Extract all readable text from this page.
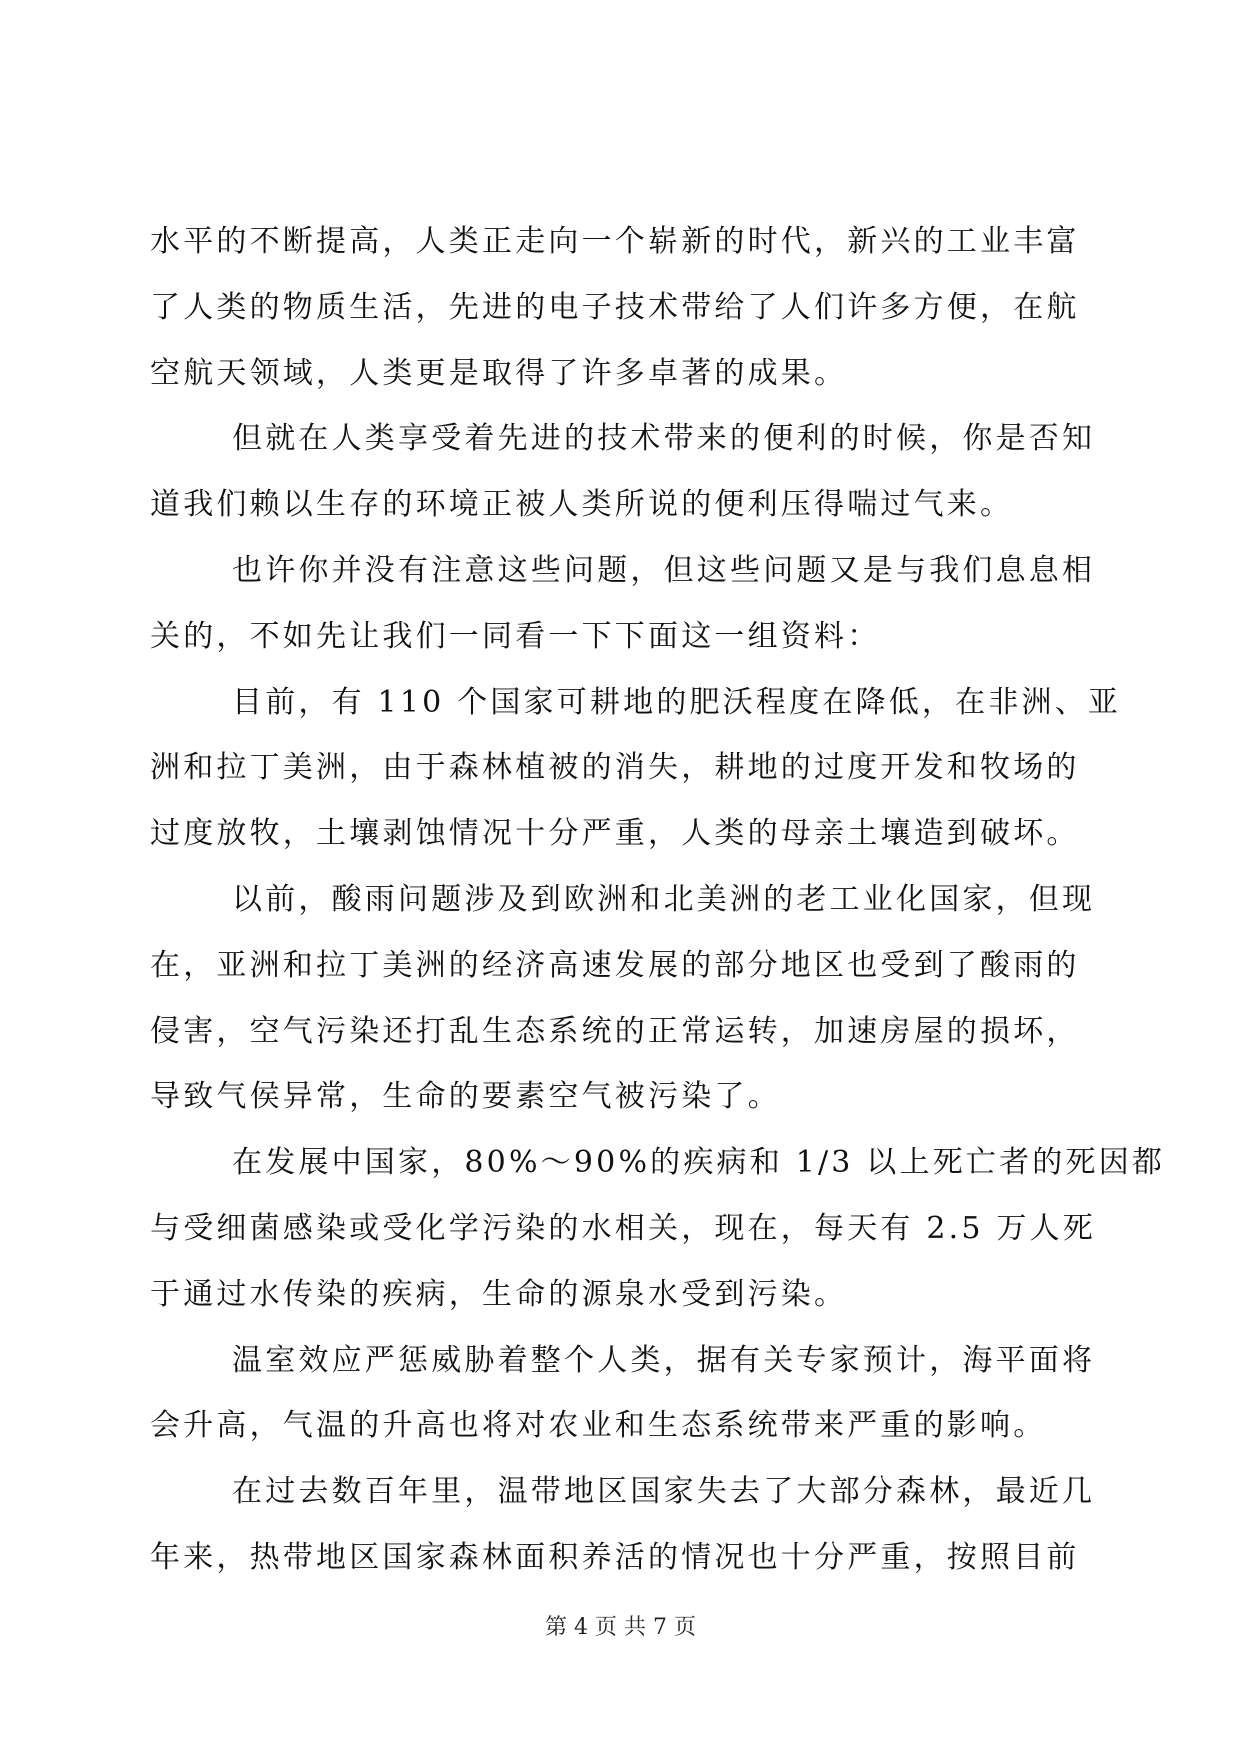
水平的不断提高，人类正走向一个崭新的时代，新兴的工业丰富
了人类的物质生活，先进的电子技术带给了人们许多方便，在航
空航天领域，人类更是取得了许多卓著的成果。
但就在人类享受着先进的技术带来的便利的时候，你是否知
道我们赖以生存的环境正被人类所说的便利压得喘过气来。
也许你并没有注意这些问题，但这些问题又是与我们息息相
关的，不如先让我们一同看一下下面这一组资料：
目前，有 110 个国家可耕地的肥沃程度在降低，在非洲、亚
洲和拉丁美洲，由于森林植被的消失，耕地的过度开发和牧场的
过度放牧，土壤剥蚀情况十分严重，人类的母亲土壤造到破坏。
以前，酸雨问题涉及到欧洲和北美洲的老工业化国家，但现
在，亚洲和拉丁美洲的经济高速发展的部分地区也受到了酸雨的
侵害，空气污染还打乱生态系统的正常运转，加速房屋的损坏，
导致气侯异常，生命的要素空气被污染了。
在发展中国家，80%～90%的疾病和 1/3 以上死亡者的死因都
与受细菌感染或受化学污染的水相关，现在，每天有 2.5 万人死
于通过水传染的疾病，生命的源泉水受到污染。
温室效应严惩威胁着整个人类，据有关专家预计，海平面将
会升高，气温的升高也将对农业和生态系统带来严重的影响。
在过去数百年里，温带地区国家失去了大部分森林，最近几
年来，热带地区国家森林面积养活的情况也十分严重，按照目前
第 4 页 共 7 页
